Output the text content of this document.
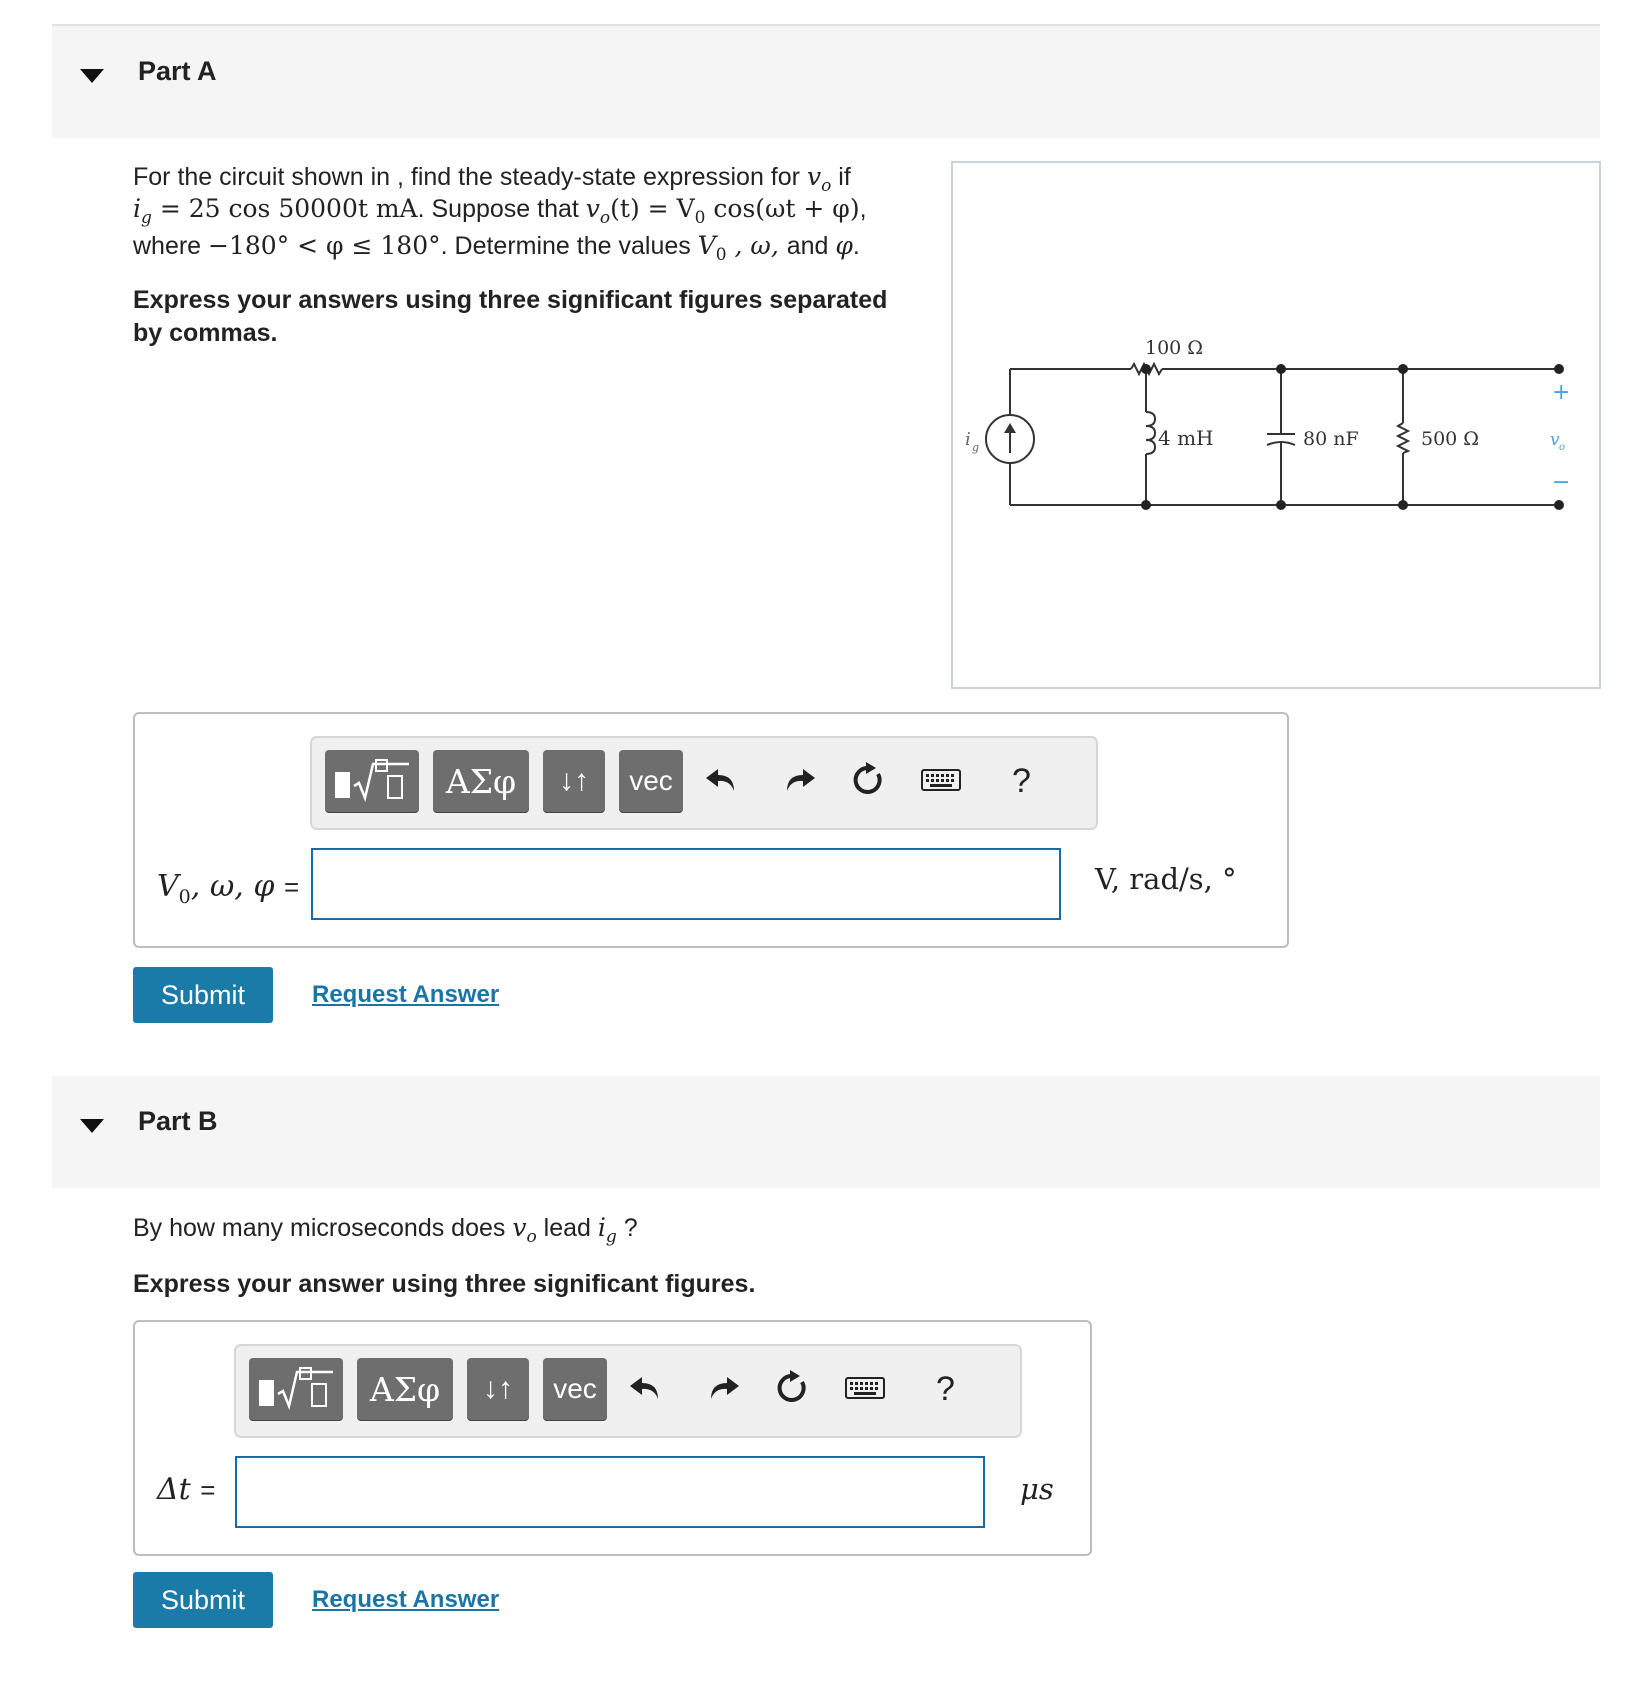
Part A
For the circuit shown in , find the steady-state expression for $v_o$ if
$i_g = 25$ cos 50000t mA. Suppose that $v_o(t) = V_0$ cos(ωt + φ),
where −180° < φ ≤ 180°. Determine the values $V_0$ , ω, and φ.
Express your answers using three significant figures separated
by commas.
100 Ω
4 mH	80 nF	500 Ω
i g
+
−
v o
ΑΣφ	↓↑	vec	?
$V_0$, ω, φ =	V, rad/s, °
Submit	Request Answer
Part B
By how many microseconds does $v_o$ lead $i_g$ ?
Express your answer using three significant figures.
ΑΣφ	↓↑	vec	?
Δt =	μs
Submit	Request Answer
